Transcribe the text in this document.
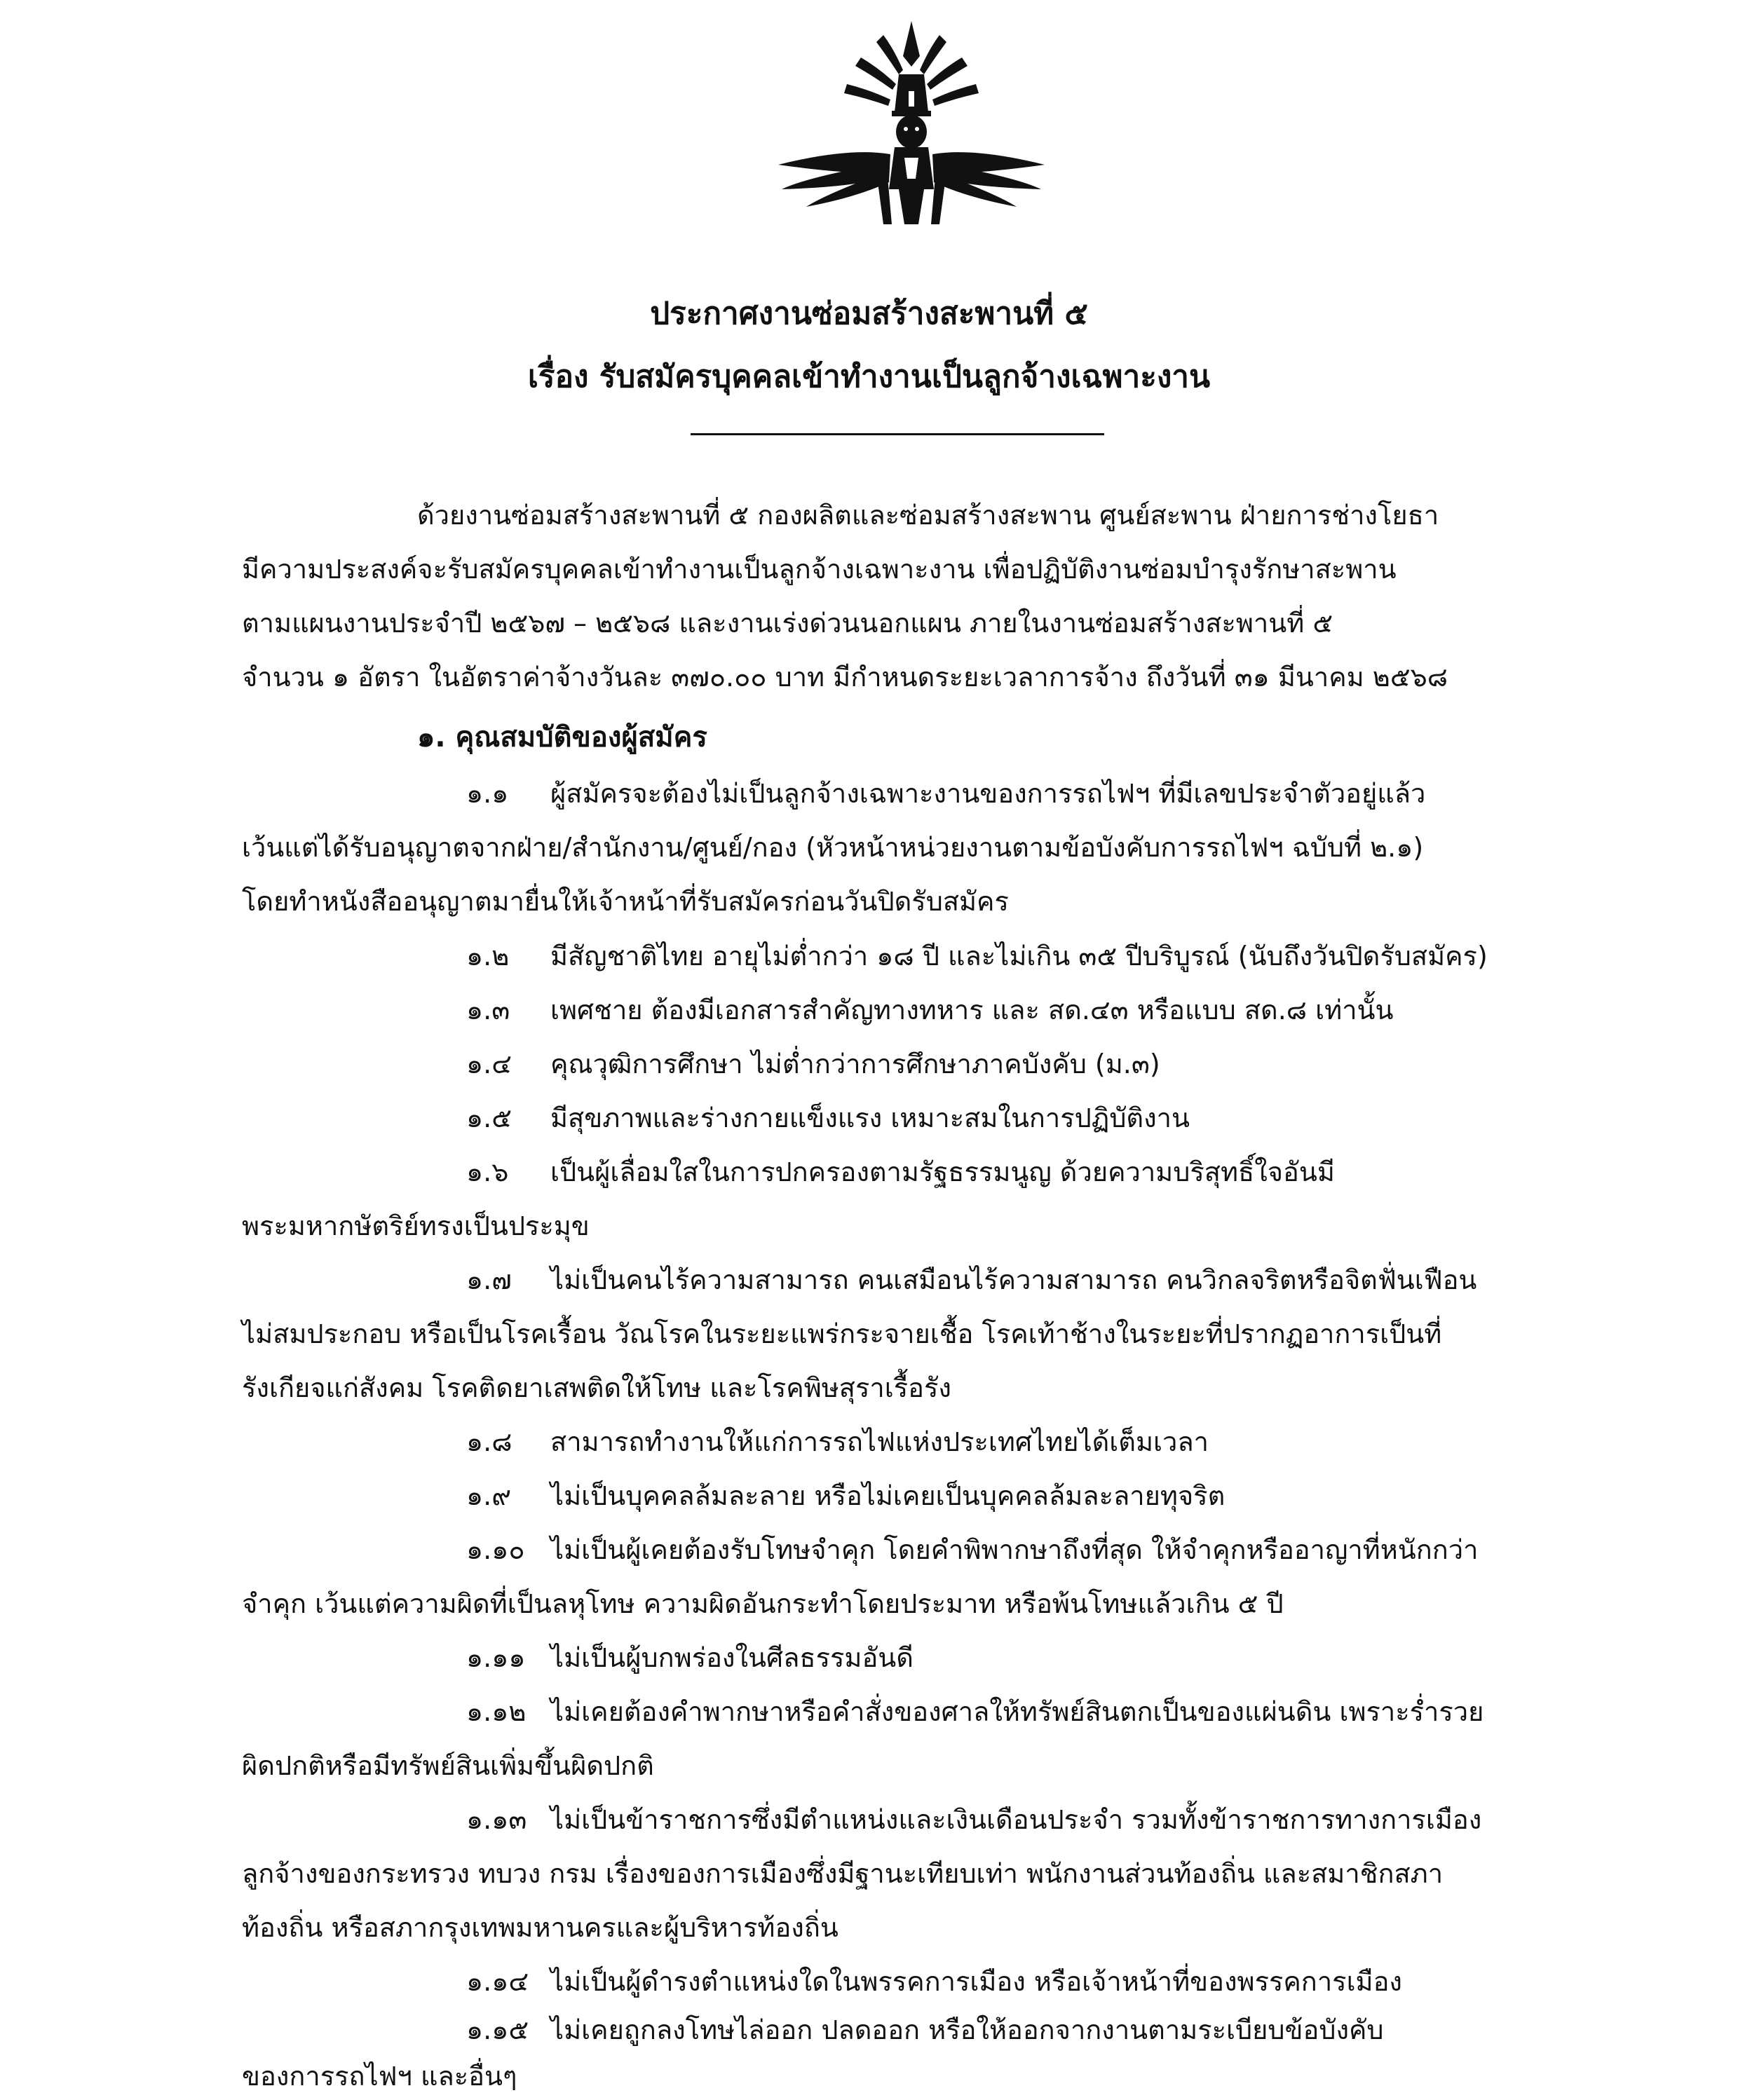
ประกาศงานซ่อมสร้างสะพานที่ ๕
เรื่อง รับสมัครบุคคลเข้าทำงานเป็นลูกจ้างเฉพาะงาน
ด้วยงานซ่อมสร้างสะพานที่ ๕ กองผลิตและซ่อมสร้างสะพาน ศูนย์สะพาน ฝ่ายการช่างโยธา
มีความประสงค์จะรับสมัครบุคคลเข้าทำงานเป็นลูกจ้างเฉพาะงาน เพื่อปฏิบัติงานซ่อมบำรุงรักษาสะพาน
ตามแผนงานประจำปี ๒๕๖๗ – ๒๕๖๘ และงานเร่งด่วนนอกแผน ภายในงานซ่อมสร้างสะพานที่ ๕
จำนวน ๑ อัตรา ในอัตราค่าจ้างวันละ ๓๗๐.๐๐ บาท มีกำหนดระยะเวลาการจ้าง ถึงวันที่ ๓๑ มีนาคม ๒๕๖๘
๑. คุณสมบัติของผู้สมัคร
๑.๑ ผู้สมัครจะต้องไม่เป็นลูกจ้างเฉพาะงานของการรถไฟฯ ที่มีเลขประจำตัวอยู่แล้ว
เว้นแต่ได้รับอนุญาตจากฝ่าย/สำนักงาน/ศูนย์/กอง (หัวหน้าหน่วยงานตามข้อบังคับการรถไฟฯ ฉบับที่ ๒.๑)
โดยทำหนังสืออนุญาตมายื่นให้เจ้าหน้าที่รับสมัครก่อนวันปิดรับสมัคร
๑.๒ มีสัญชาติไทย อายุไม่ต่ำกว่า ๑๘ ปี และไม่เกิน ๓๕ ปีบริบูรณ์ (นับถึงวันปิดรับสมัคร)
๑.๓ เพศชาย ต้องมีเอกสารสำคัญทางทหาร และ สด.๔๓ หรือแบบ สด.๘ เท่านั้น
๑.๔ คุณวุฒิการศึกษา ไม่ต่ำกว่าการศึกษาภาคบังคับ (ม.๓)
๑.๕ มีสุขภาพและร่างกายแข็งแรง เหมาะสมในการปฏิบัติงาน
๑.๖ เป็นผู้เลื่อมใสในการปกครองตามรัฐธรรมนูญ ด้วยความบริสุทธิ์ใจอันมี
พระมหากษัตริย์ทรงเป็นประมุข
๑.๗ ไม่เป็นคนไร้ความสามารถ คนเสมือนไร้ความสามารถ คนวิกลจริตหรือจิตฟั่นเฟือน
ไม่สมประกอบ หรือเป็นโรคเรื้อน วัณโรคในระยะแพร่กระจายเชื้อ โรคเท้าช้างในระยะที่ปรากฏอาการเป็นที่
รังเกียจแก่สังคม โรคติดยาเสพติดให้โทษ และโรคพิษสุราเรื้อรัง
๑.๘ สามารถทำงานให้แก่การรถไฟแห่งประเทศไทยได้เต็มเวลา
๑.๙ ไม่เป็นบุคคลล้มละลาย หรือไม่เคยเป็นบุคคลล้มละลายทุจริต
๑.๑๐ ไม่เป็นผู้เคยต้องรับโทษจำคุก โดยคำพิพากษาถึงที่สุด ให้จำคุกหรืออาญาที่หนักกว่า
จำคุก เว้นแต่ความผิดที่เป็นลหุโทษ ความผิดอันกระทำโดยประมาท หรือพ้นโทษแล้วเกิน ๕ ปี
๑.๑๑ ไม่เป็นผู้บกพร่องในศีลธรรมอันดี
๑.๑๒ ไม่เคยต้องคำพากษาหรือคำสั่งของศาลให้ทรัพย์สินตกเป็นของแผ่นดิน เพราะร่ำรวย
ผิดปกติหรือมีทรัพย์สินเพิ่มขึ้นผิดปกติ
๑.๑๓ ไม่เป็นข้าราชการซึ่งมีตำแหน่งและเงินเดือนประจำ รวมทั้งข้าราชการทางการเมือง
ลูกจ้างของกระทรวง ทบวง กรม เรื่องของการเมืองซึ่งมีฐานะเทียบเท่า พนักงานส่วนท้องถิ่น และสมาชิกสภา
ท้องถิ่น หรือสภากรุงเทพมหานครและผู้บริหารท้องถิ่น
๑.๑๔ ไม่เป็นผู้ดำรงตำแหน่งใดในพรรคการเมือง หรือเจ้าหน้าที่ของพรรคการเมือง
๑.๑๕ ไม่เคยถูกลงโทษไล่ออก ปลดออก หรือให้ออกจากงานตามระเบียบข้อบังคับ
ของการรถไฟฯ และอื่นๆ
